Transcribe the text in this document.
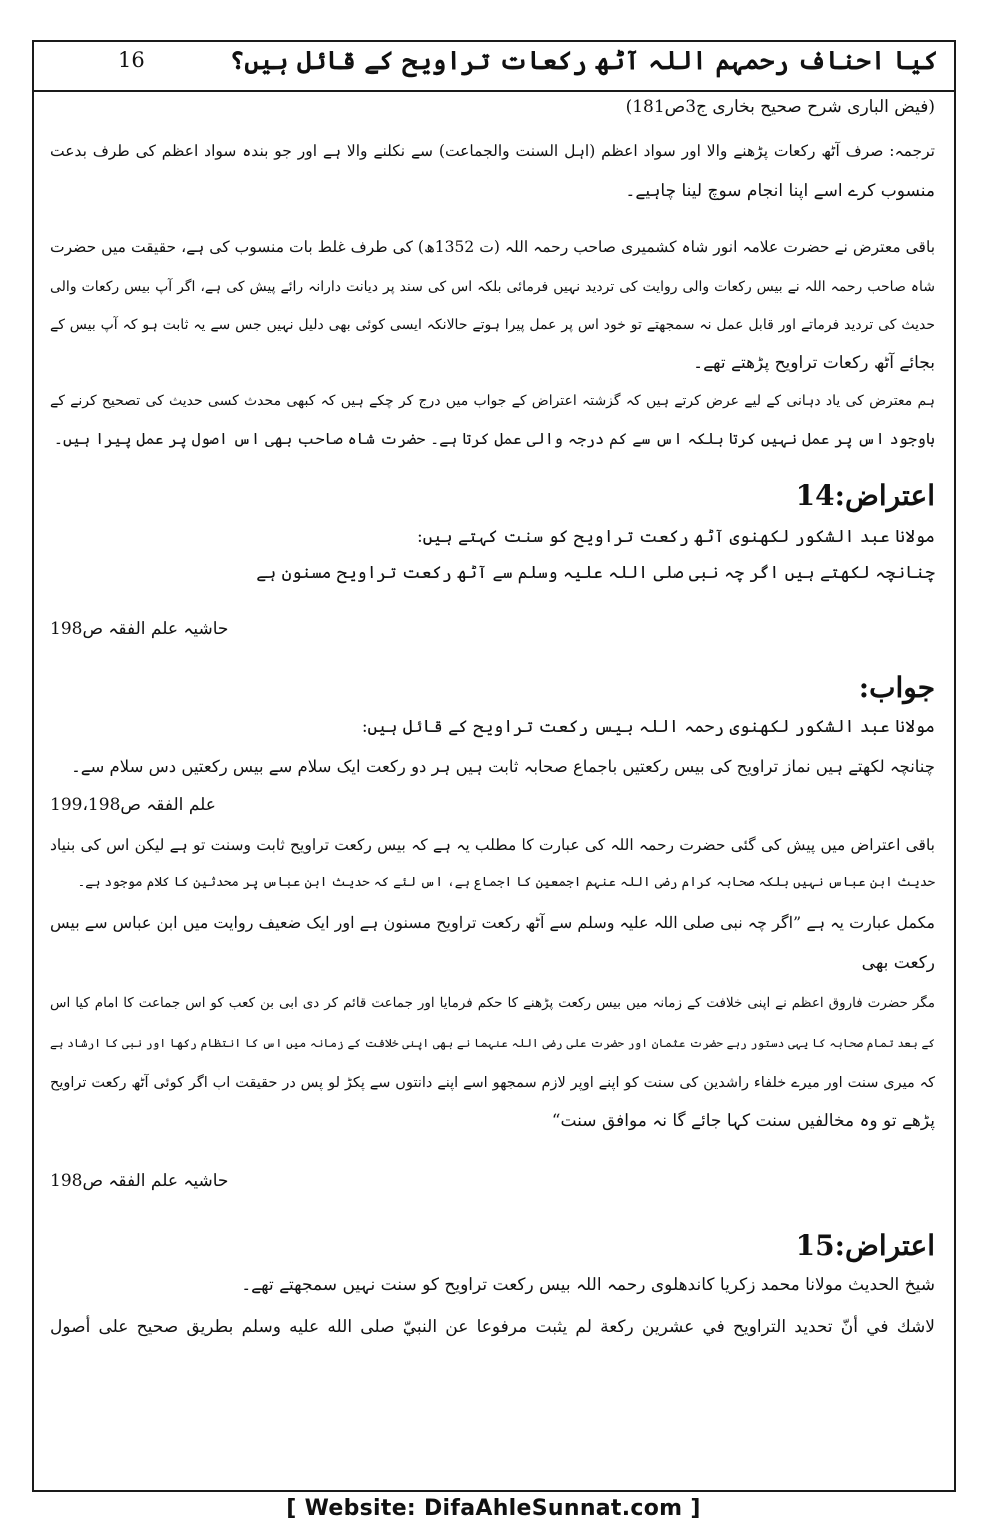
کیا احناف رحمہم اللہ آٹھ رکعات تراویح کے قائل ہیں؟
16
(فیض الباری شرح صحیح بخاری ج3ص181)
ترجمہ: صرف آٹھ رکعات پڑھنے والا اور سواد اعظم (اہل السنت والجماعت) سے نکلنے والا ہے اور جو بندہ سواد اعظم کی طرف بدعت
منسوب کرے اسے اپنا انجام سوچ لینا چاہیے۔
باقی معترض نے حضرت علامہ انور شاہ کشمیری صاحب رحمہ اللہ (ت 1352ھ) کی طرف غلط بات منسوب کی ہے، حقیقت میں حضرت
شاہ صاحب رحمہ اللہ نے بیس رکعات والی روایت کی تردید نہیں فرمائی بلکہ اس کی سند پر دیانت دارانہ رائے پیش کی ہے، اگر آپ بیس رکعات والی
حدیث کی تردید فرماتے اور قابل عمل نہ سمجھتے تو خود اس پر عمل پیرا ہوتے حالانکہ ایسی کوئی بھی دلیل نہیں جس سے یہ ثابت ہو کہ آپ بیس کے
بجائے آٹھ رکعات تراویح پڑھتے تھے۔
ہم معترض کی یاد دہانی کے لیے عرض کرتے ہیں کہ گزشتہ اعتراض کے جواب میں درج کر چکے ہیں کہ کبھی محدث کسی حدیث کی تصحیح کرنے کے
باوجود اس پر عمل نہیں کرتا بلکہ اس سے کم درجہ والی عمل کرتا ہے۔ حضرت شاہ صاحب بھی اس اصول پر عمل پیرا ہیں۔
اعتراض:14
مولانا عبد الشکور لکھنوی آٹھ رکعت تراویح کو سنت کہتے ہیں:
چنانچہ لکھتے ہیں اگر چہ نبی صلی اللہ علیہ وسلم سے آٹھ رکعت تراویح مسنون ہے
حاشیہ علم الفقہ ص198
جواب:
مولانا عبد الشکور لکھنوی رحمہ اللہ بیس رکعت تراویح کے قائل ہیں:
چنانچہ لکھتے ہیں نماز تراویح کی بیس رکعتیں باجماع صحابہ ثابت ہیں ہر دو رکعت ایک سلام سے بیس رکعتیں دس سلام سے۔
علم الفقہ ص199،198
باقی اعتراض میں پیش کی گئی حضرت رحمہ اللہ کی عبارت کا مطلب یہ ہے کہ بیس رکعت تراویح ثابت وسنت تو ہے لیکن اس کی بنیاد
حدیث ابن عباس نہیں بلکہ صحابہ کرام رضی اللہ عنہم اجمعین کا اجماع ہے، اس لئے کہ حدیث ابن عباس پر محدثین کا کلام موجود ہے۔
مکمل عبارت یہ ہے ”اگر چہ نبی صلی اللہ علیہ وسلم سے آٹھ رکعت تراویح مسنون ہے اور ایک ضعیف روایت میں ابن عباس سے بیس
رکعت بھی
مگر حضرت فاروق اعظم نے اپنی خلافت کے زمانہ میں بیس رکعت پڑھنے کا حکم فرمایا اور جماعت قائم کر دی ابی بن کعب کو اس جماعت کا امام کیا اس
کے بعد تمام صحابہ کا یہی دستور رہے حضرت عثمان اور حضرت علی رضی اللہ عنہما نے بھی اپنی خلافت کے زمانہ میں اس کا انتظام رکھا اور نبی کا ارشاد ہے
کہ میری سنت اور میرے خلفاء راشدین کی سنت کو اپنے اوپر لازم سمجھو اسے اپنے دانتوں سے پکڑ لو پس در حقیقت اب اگر کوئی آٹھ رکعت تراویح
پڑھے تو وہ مخالفیں سنت کہا جائے گا نہ موافق سنت“
حاشیہ علم الفقہ ص198
اعتراض:15
شیخ الحدیث مولانا محمد زکریا کاندھلوی رحمہ اللہ بیس رکعت تراویح کو سنت نہیں سمجھتے تھے۔
لاشك في أنّ تحديد التراويح في عشرين ركعة لم يثبت مرفوعا عن النبيّ صلى الله عليه وسلم بطريق صحيح على أصول
[ Website: DifaAhleSunnat.com ]
